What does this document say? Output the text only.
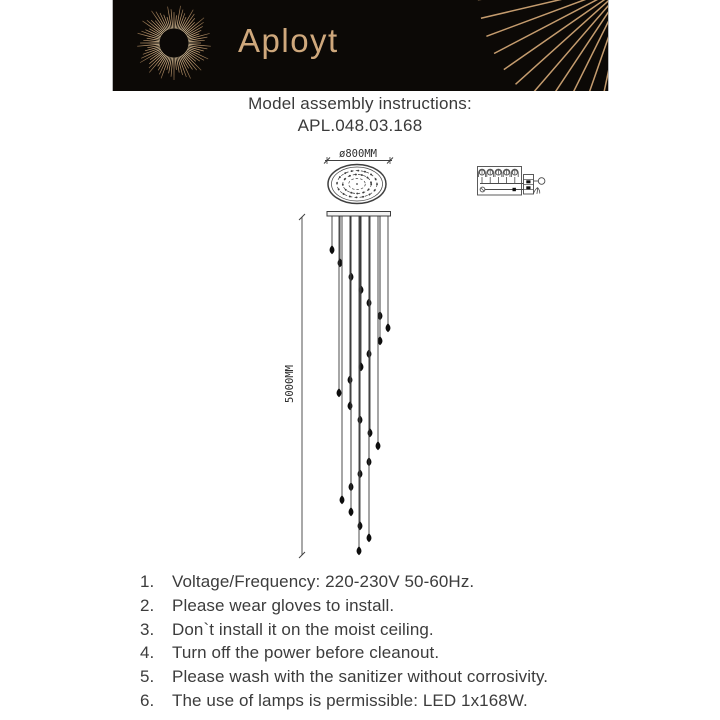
Aployt
Model assembly instructions:
APL.048.03.168
ø800MM
5000MM
1.	Voltage/Frequency: 220-230V 50-60Hz.
2.	Please wear gloves to install.
3.	Don`t install it on the moist ceiling.
4.	Turn off the power before cleanout.
5.	Please wash with the sanitizer without corrosivity.
6.	The use of lamps is permissible: LED 1x168W.
